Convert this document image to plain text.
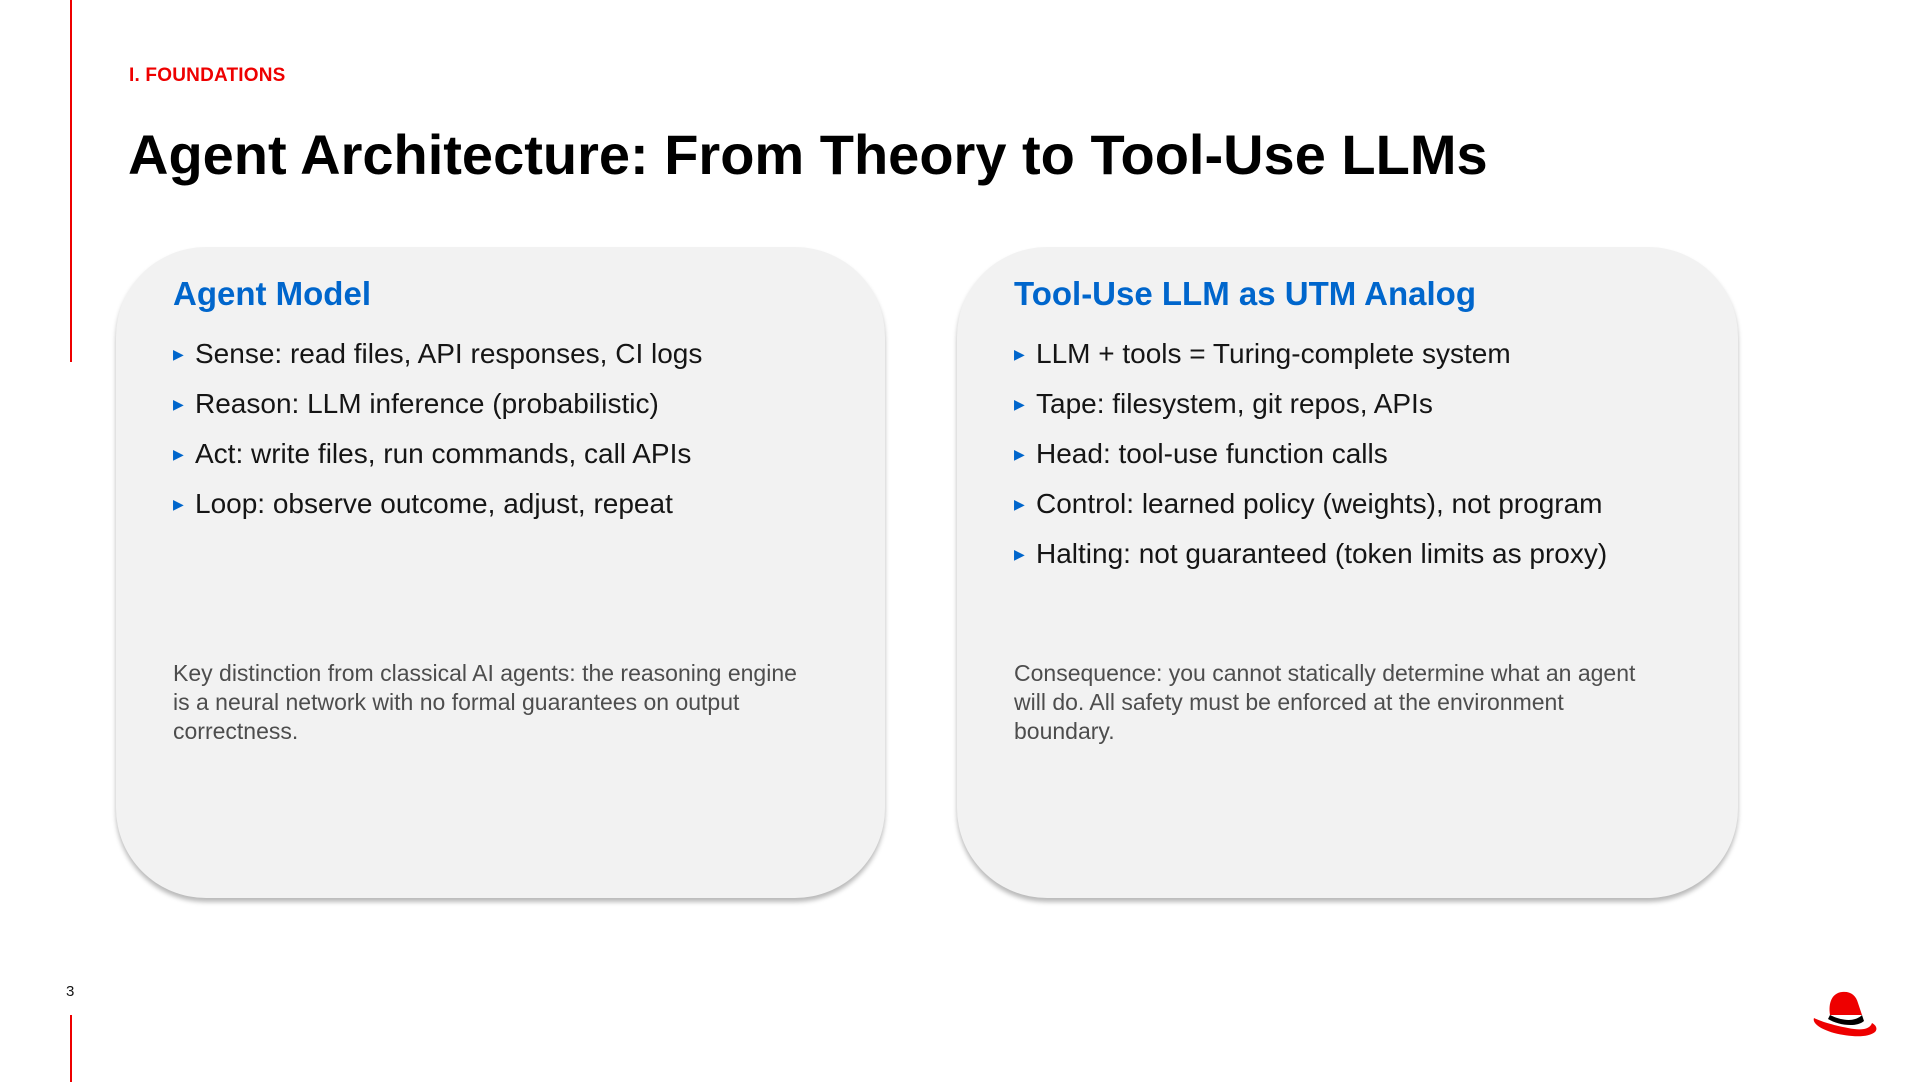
I. FOUNDATIONS
Agent Architecture: From Theory to Tool-Use LLMs
Agent Model
▶ Sense: read files, API responses, CI logs
▶ Reason: LLM inference (probabilistic)
▶ Act: write files, run commands, call APIs
▶ Loop: observe outcome, adjust, repeat

Key distinction from classical AI agents: the reasoning engine is a neural network with no formal guarantees on output correctness.

Tool-Use LLM as UTM Analog
▶ LLM + tools = Turing-complete system
▶ Tape: filesystem, git repos, APIs
▶ Head: tool-use function calls
▶ Control: learned policy (weights), not program
▶ Halting: not guaranteed (token limits as proxy)

Consequence: you cannot statically determine what an agent will do. All safety must be enforced at the environment boundary.

3
